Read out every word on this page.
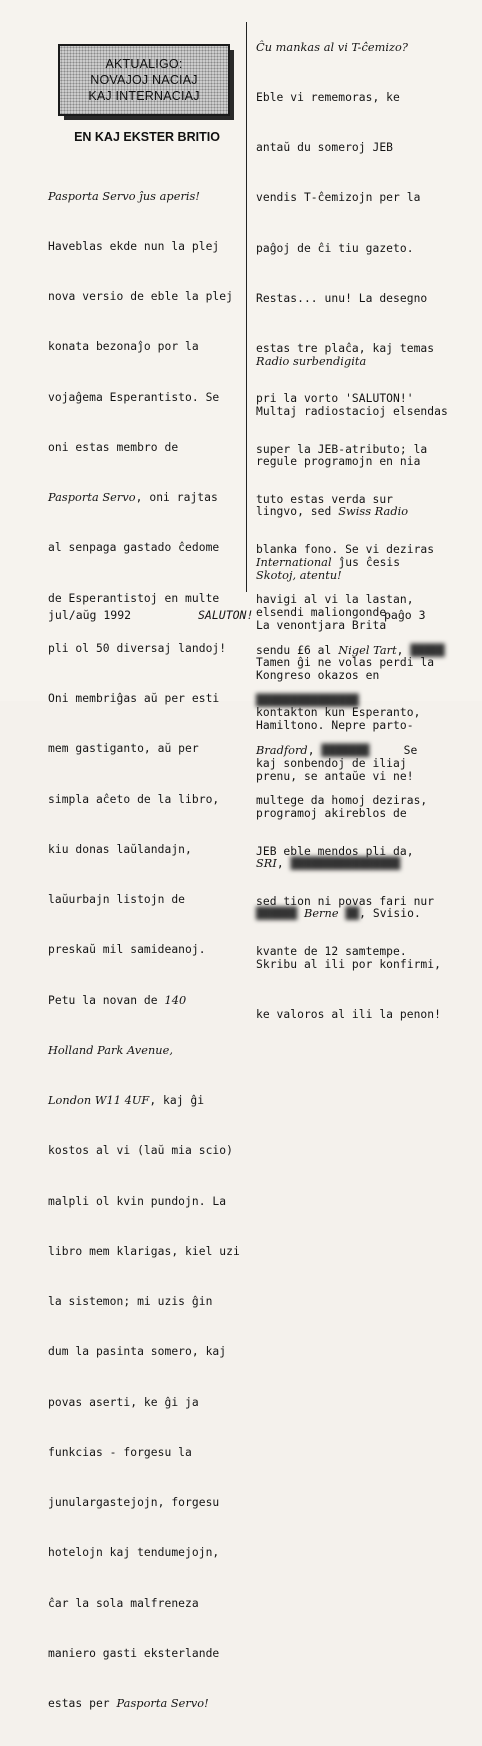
AKTUALIGO:
NOVAJOJ NACIAJ
KAJ INTERNACIAJ
EN KAJ EKSTER BRITIO

Pasporta Servo ĵus aperis!

Haveblas ekde nun la plej

nova versio de eble la plej

konata bezonaĵo por la

vojaĝema Esperantisto. Se

oni estas membro de

Pasporta Servo, oni rajtas

al senpaga gastado ĉedome

de Esperantistoj en multe

pli ol 50 diversaj landoj!

Oni membriĝas aŭ per esti

mem gastiganto, aŭ per

simpla aĉeto de la libro,

kiu donas laŭlandajn,

laŭurbajn listojn de

preskaŭ mil samideanoj.

Petu la novan de 140

Holland Park Avenue,

London W11 4UF, kaj ĝi

kostos al vi (laŭ mia scio)

malpli ol kvin pundojn. La

libro mem klarigas, kiel uzi

la sistemon; mi uzis ĝin

dum la pasinta somero, kaj

povas aserti, ke ĝi ja

funkcias - forgesu la

junulargastejojn, forgesu

hotelojn kaj tendumejojn,

ĉar la sola malfreneza

maniero gasti eksterlande

estas per Pasporta Servo!

Ĉu mankas al vi T-ĉemizo?

Eble vi rememoras, ke

antaŭ du someroj JEB

vendis T-ĉemizojn per la

paĝoj de ĉi tiu gazeto.

Restas... unu! La desegno

estas tre plaĉa, kaj temas

pri la vorto 'SALUTON!'

super la JEB-atributo; la

tuto estas verda sur

blanka fono. Se vi deziras

havigi al vi la lastan,

sendu £6 al Nigel Tart, █████

███████████████

Bradford, ███████     Se

multege da homoj deziras,

JEB eble mendos pli da,

sed tion ni povas fari nur

kvante de 12 samtempe.

Radio surbendigita

Multaj radiostacioj elsendas

regule programojn en nia

lingvo, sed Swiss Radio

International ĵus ĉesis

elsendi maliongonde.

Tamen ĝi ne volas perdi la

kontakton kun Esperanto,

kaj sonbendoj de iliaj

programoj akireblos de

SRI, ████████████████

██████ Berne ██, Svisio.

Skribu al ili por konfirmi,

ke valoros al ili la penon!

Skotoj, atentu!

La venontjara Brita

Kongreso okazos en

Hamiltono. Nepre parto-

prenu, se antaŭe vi ne!

jul/aŭg 1992	SALUTON!	paĝo 3
